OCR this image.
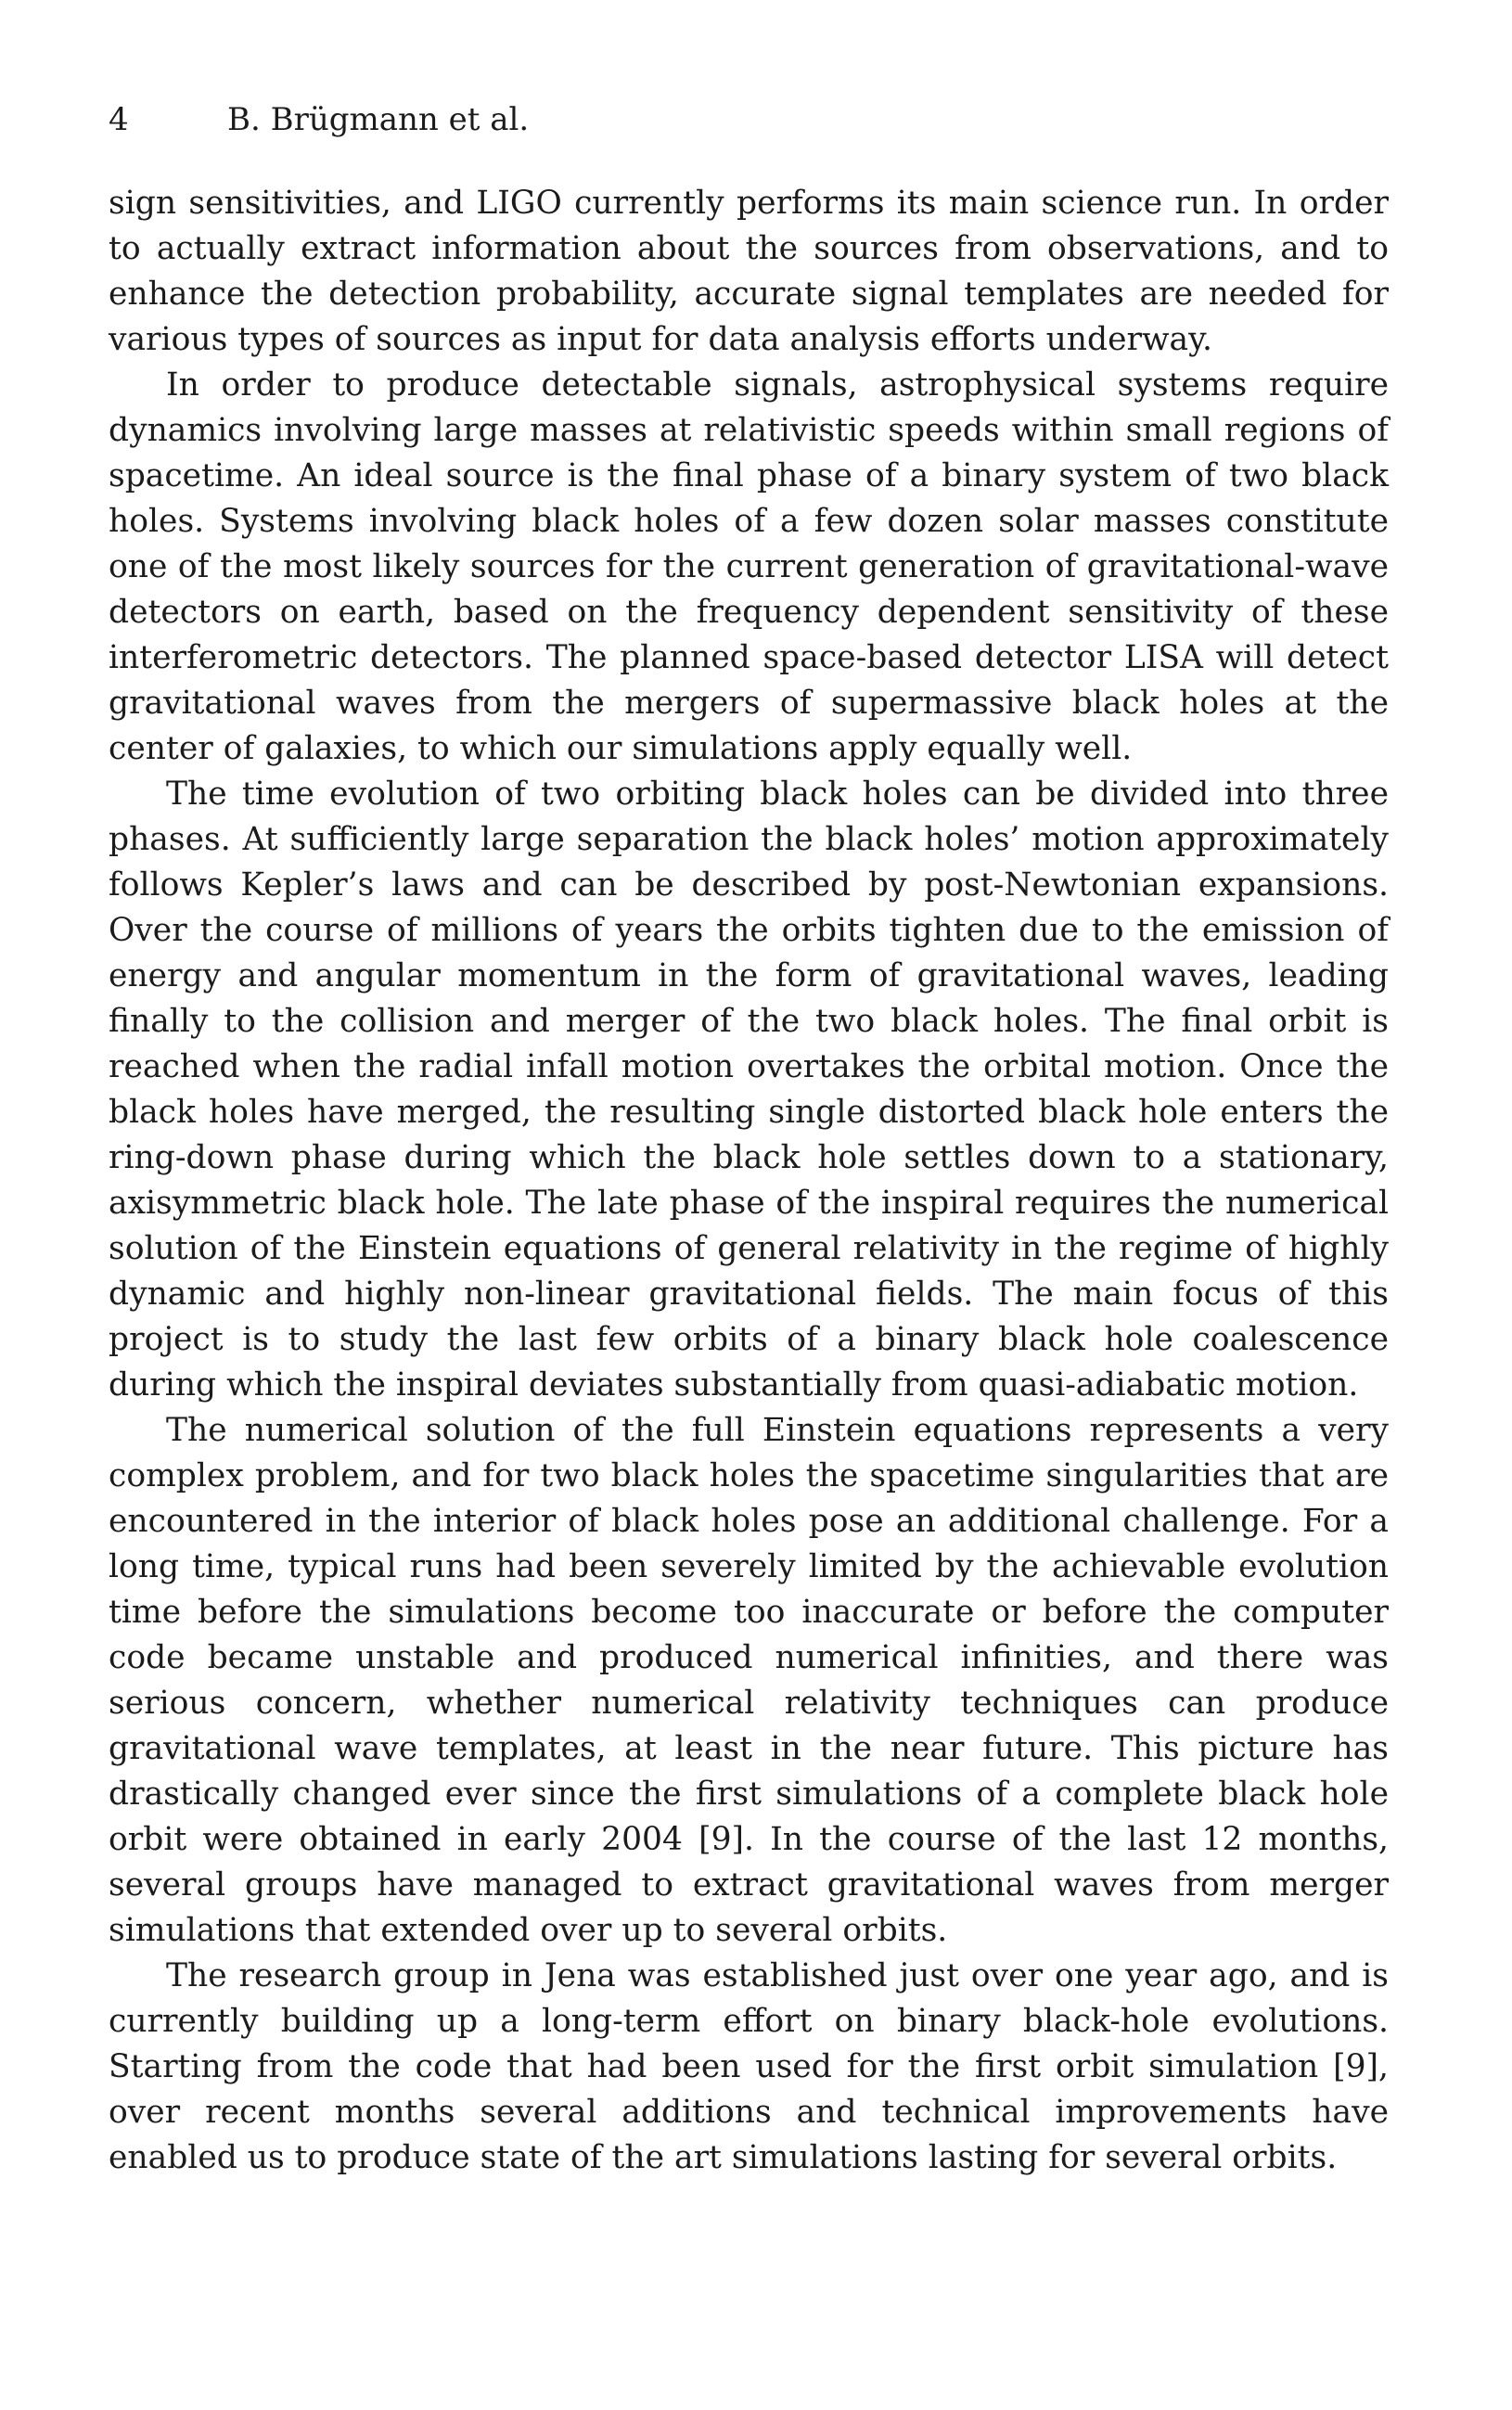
4	B. Brügmann et al.

sign sensitivities, and LIGO currently performs its main science run. In order to actually extract information about the sources from observations, and to enhance the detection probability, accurate signal templates are needed for various types of sources as input for data analysis efforts underway.

In order to produce detectable signals, astrophysical systems require dynamics involving large masses at relativistic speeds within small regions of spacetime. An ideal source is the final phase of a binary system of two black holes. Systems involving black holes of a few dozen solar masses constitute one of the most likely sources for the current generation of gravitational-wave detectors on earth, based on the frequency dependent sensitivity of these interferometric detectors. The planned space-based detector LISA will detect gravitational waves from the mergers of supermassive black holes at the center of galaxies, to which our simulations apply equally well.

The time evolution of two orbiting black holes can be divided into three phases. At sufficiently large separation the black holes’ motion approximately follows Kepler’s laws and can be described by post-Newtonian expansions. Over the course of millions of years the orbits tighten due to the emission of energy and angular momentum in the form of gravitational waves, leading finally to the collision and merger of the two black holes. The final orbit is reached when the radial infall motion overtakes the orbital motion. Once the black holes have merged, the resulting single distorted black hole enters the ring-down phase during which the black hole settles down to a stationary, axisymmetric black hole. The late phase of the inspiral requires the numerical solution of the Einstein equations of general relativity in the regime of highly dynamic and highly non-linear gravitational fields. The main focus of this project is to study the last few orbits of a binary black hole coalescence during which the inspiral deviates substantially from quasi-adiabatic motion.

The numerical solution of the full Einstein equations represents a very complex problem, and for two black holes the spacetime singularities that are encountered in the interior of black holes pose an additional challenge. For a long time, typical runs had been severely limited by the achievable evolution time before the simulations become too inaccurate or before the computer code became unstable and produced numerical infinities, and there was serious concern, whether numerical relativity techniques can produce gravitational wave templates, at least in the near future. This picture has drastically changed ever since the first simulations of a complete black hole orbit were obtained in early 2004 [9]. In the course of the last 12 months, several groups have managed to extract gravitational waves from merger simulations that extended over up to several orbits.

The research group in Jena was established just over one year ago, and is currently building up a long-term effort on binary black-hole evolutions. Starting from the code that had been used for the first orbit simulation [9], over recent months several additions and technical improvements have enabled us to produce state of the art simulations lasting for several orbits.
